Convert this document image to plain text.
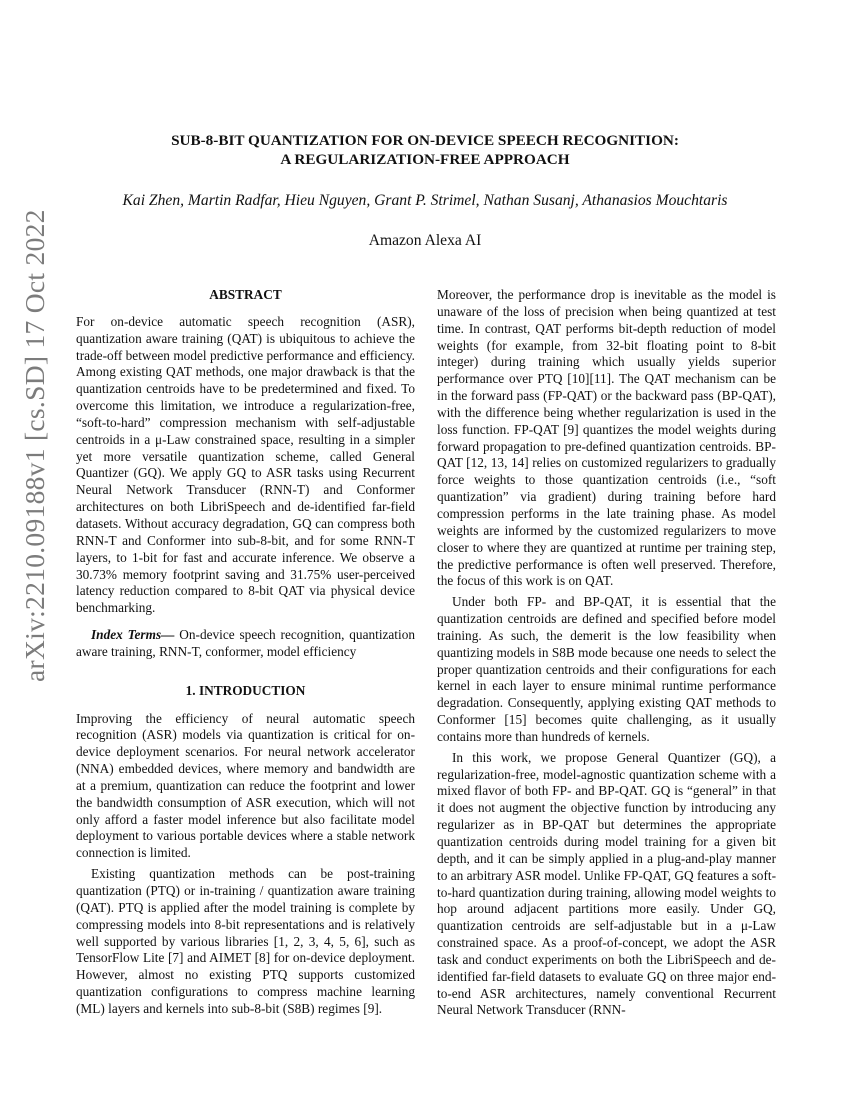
SUB-8-BIT QUANTIZATION FOR ON-DEVICE SPEECH RECOGNITION:
A REGULARIZATION-FREE APPROACH
Kai Zhen, Martin Radfar, Hieu Nguyen, Grant P. Strimel, Nathan Susanj, Athanasios Mouchtaris
Amazon Alexa AI
arXiv:2210.09188v1 [cs.SD] 17 Oct 2022	ABSTRACT

For on-device automatic speech recognition (ASR), quantization aware training (QAT) is ubiquitous to achieve the trade-off between model predictive performance and efficiency. Among existing QAT methods, one major drawback is that the quantization centroids have to be predetermined and fixed. To overcome this limitation, we introduce a regularization-free, “soft-to-hard” compression mechanism with self-adjustable centroids in a μ-Law constrained space, resulting in a simpler yet more versatile quantization scheme, called General Quantizer (GQ). We apply GQ to ASR tasks using Recurrent Neural Network Transducer (RNN-T) and Conformer architectures on both LibriSpeech and de-identified far-field datasets. Without accuracy degradation, GQ can compress both RNN-T and Conformer into sub-8-bit, and for some RNN-T layers, to 1-bit for fast and accurate inference. We observe a 30.73% memory footprint saving and 31.75% user-perceived latency reduction compared to 8-bit QAT via physical device benchmarking.

Index Terms— On-device speech recognition, quantization aware training, RNN-T, conformer, model efficiency

1. INTRODUCTION

Improving the efficiency of neural automatic speech recognition (ASR) models via quantization is critical for on-device deployment scenarios. For neural network accelerator (NNA) embedded devices, where memory and bandwidth are at a premium, quantization can reduce the footprint and lower the bandwidth consumption of ASR execution, which will not only afford a faster model inference but also facilitate model deployment to various portable devices where a stable network connection is limited.

Existing quantization methods can be post-training quantization (PTQ) or in-training / quantization aware training (QAT). PTQ is applied after the model training is complete by compressing models into 8-bit representations and is relatively well supported by various libraries [1, 2, 3, 4, 5, 6], such as TensorFlow Lite [7] and AIMET [8] for on-device deployment. However, almost no existing PTQ supports customized quantization configurations to compress machine learning (ML) layers and kernels into sub-8-bit (S8B) regimes [9].

Moreover, the performance drop is inevitable as the model is unaware of the loss of precision when being quantized at test time. In contrast, QAT performs bit-depth reduction of model weights (for example, from 32-bit floating point to 8-bit integer) during training which usually yields superior performance over PTQ [10][11]. The QAT mechanism can be in the forward pass (FP-QAT) or the backward pass (BP-QAT), with the difference being whether regularization is used in the loss function. FP-QAT [9] quantizes the model weights during forward propagation to pre-defined quantization centroids. BP-QAT [12, 13, 14] relies on customized regularizers to gradually force weights to those quantization centroids (i.e., “soft quantization” via gradient) during training before hard compression performs in the late training phase. As model weights are informed by the customized regularizers to move closer to where they are quantized at runtime per training step, the predictive performance is often well preserved. Therefore, the focus of this work is on QAT.

Under both FP- and BP-QAT, it is essential that the quantization centroids are defined and specified before model training. As such, the demerit is the low feasibility when quantizing models in S8B mode because one needs to select the proper quantization centroids and their configurations for each kernel in each layer to ensure minimal runtime performance degradation. Consequently, applying existing QAT methods to Conformer [15] becomes quite challenging, as it usually contains more than hundreds of kernels.

In this work, we propose General Quantizer (GQ), a regularization-free, model-agnostic quantization scheme with a mixed flavor of both FP- and BP-QAT. GQ is “general” in that it does not augment the objective function by introducing any regularizer as in BP-QAT but determines the appropriate quantization centroids during model training for a given bit depth, and it can be simply applied in a plug-and-play manner to an arbitrary ASR model. Unlike FP-QAT, GQ features a soft-to-hard quantization during training, allowing model weights to hop around adjacent partitions more easily. Under GQ, quantization centroids are self-adjustable but in a μ-Law constrained space. As a proof-of-concept, we adopt the ASR task and conduct experiments on both the LibriSpeech and de-identified far-field datasets to evaluate GQ on three major end-to-end ASR architectures, namely conventional Recurrent Neural Network Transducer (RNN-
